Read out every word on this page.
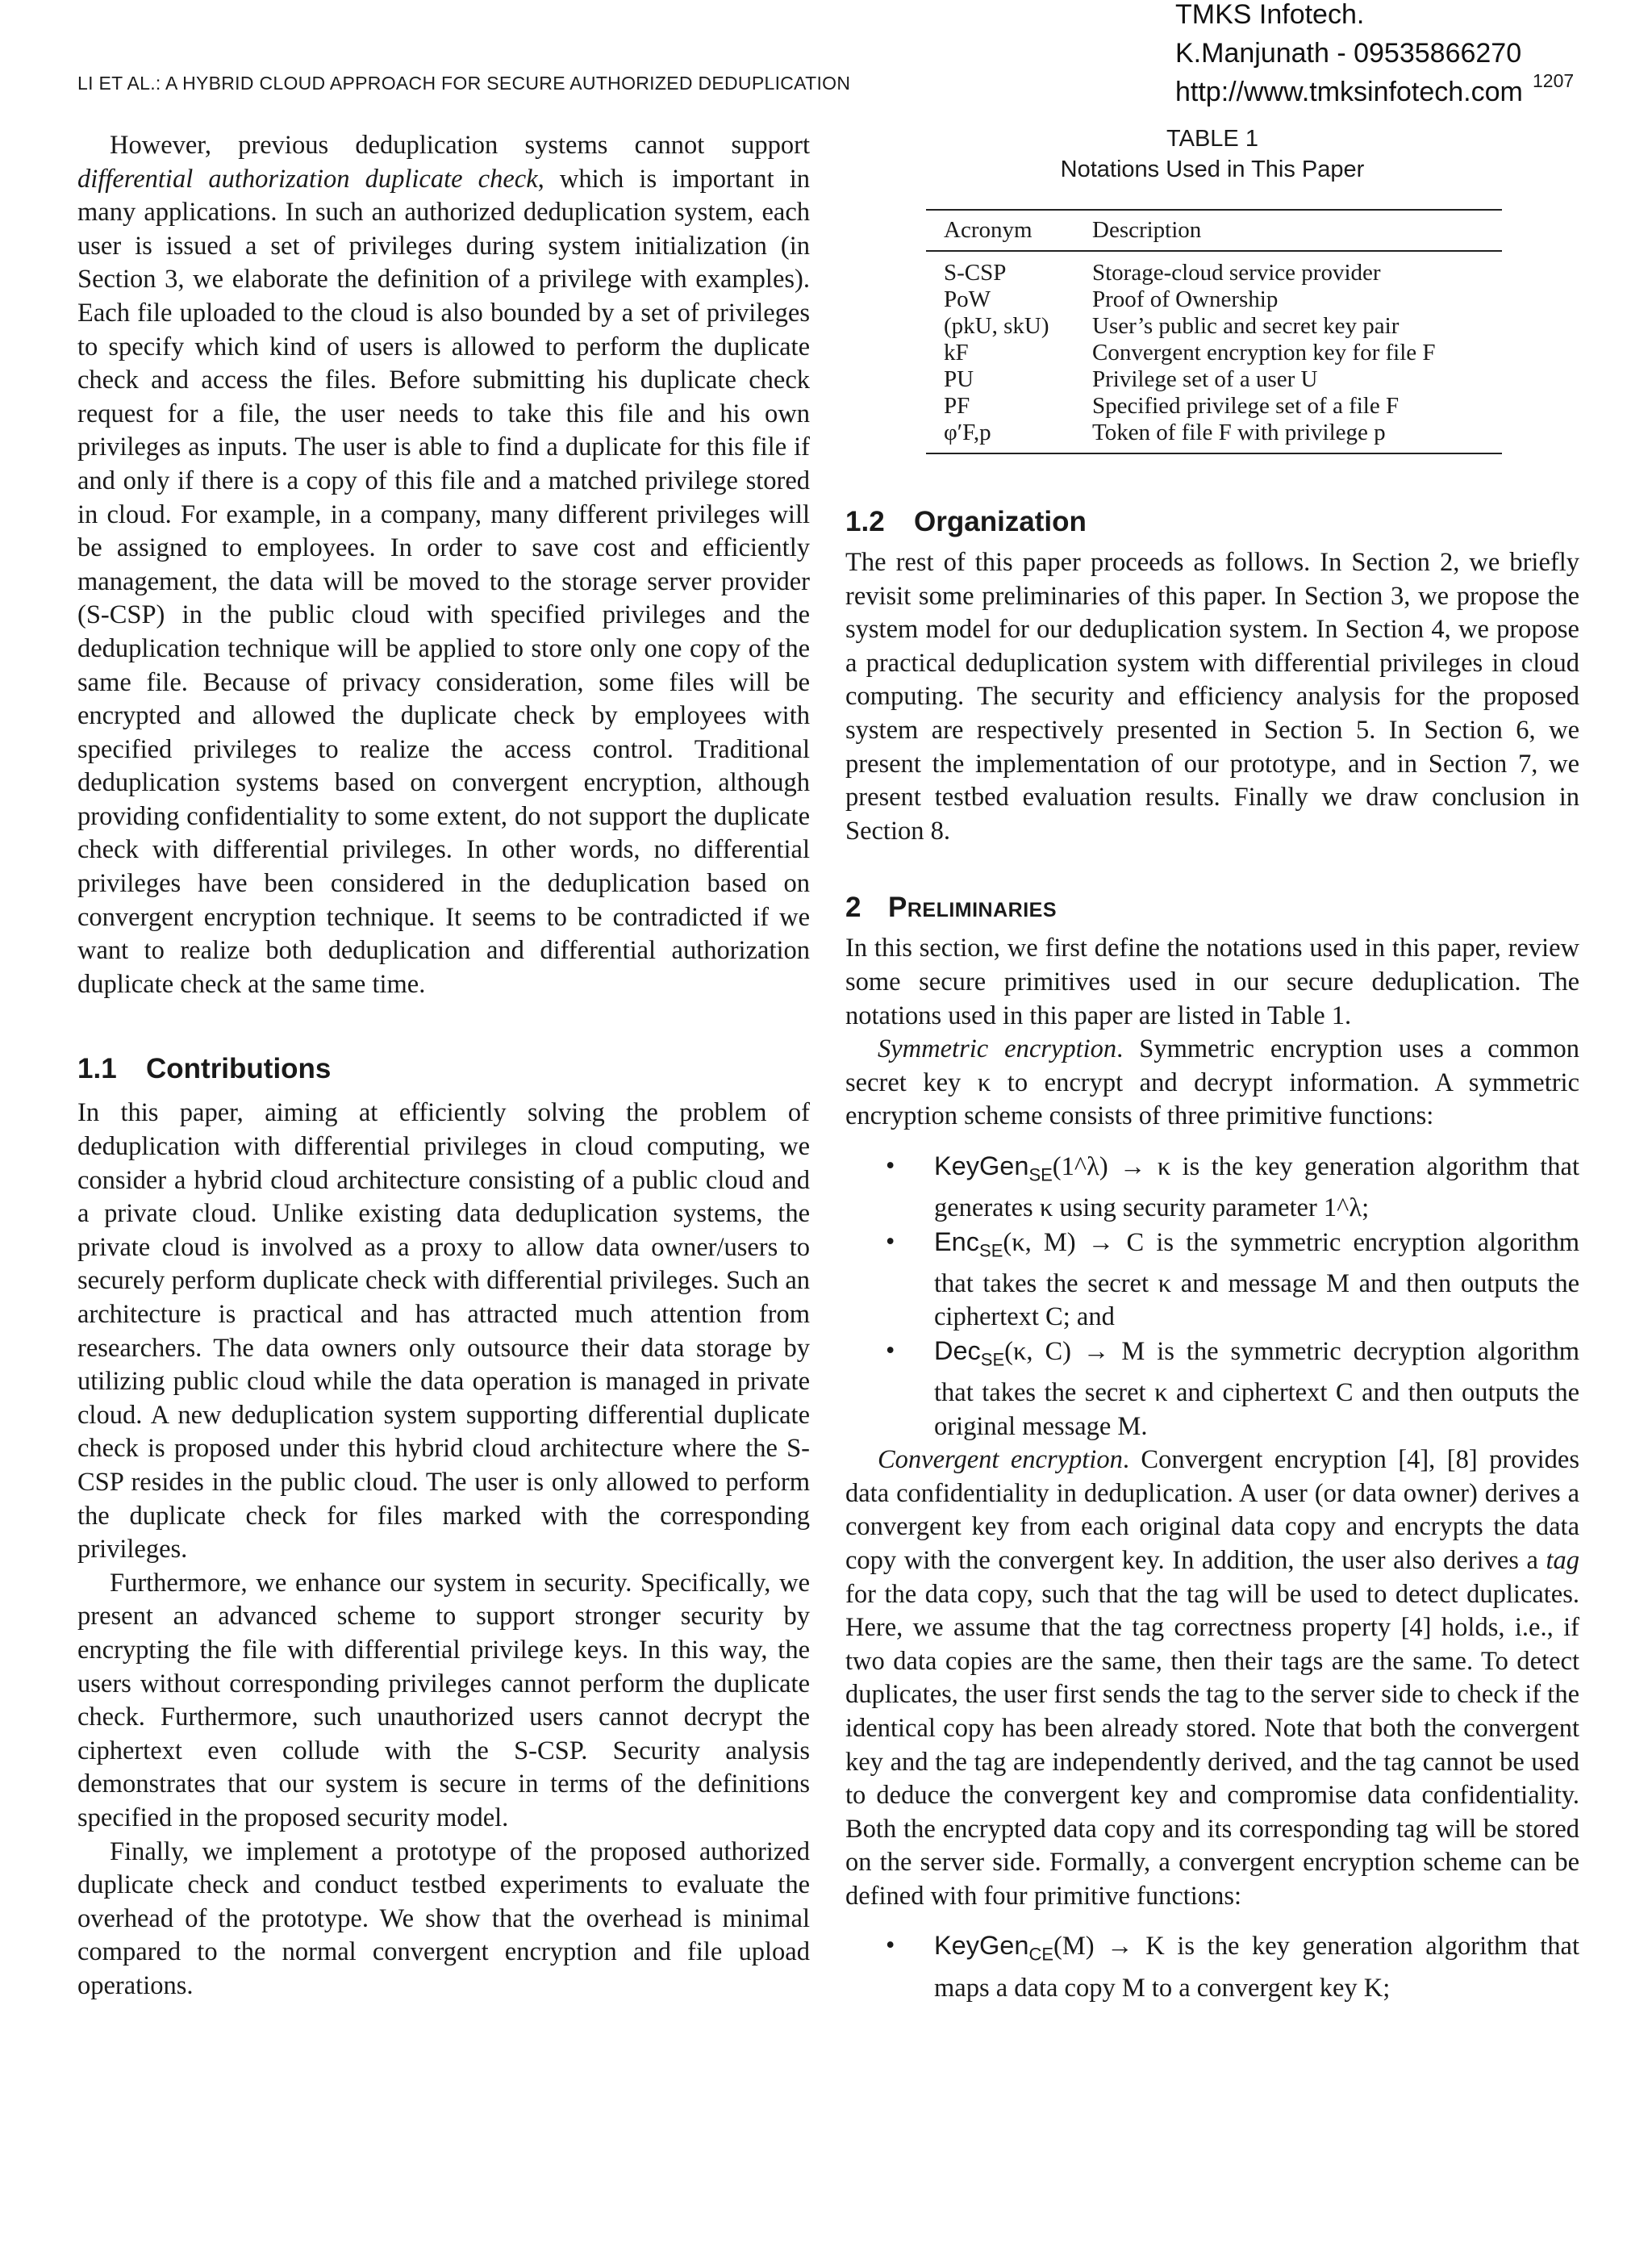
LI ET AL.: A HYBRID CLOUD APPROACH FOR SECURE AUTHORIZED DEDUPLICATION
TMKS Infotech.
K.Manjunath - 09535866270
http://www.tmksinfotech.com 1207

However, previous deduplication systems cannot support differential authorization duplicate check, which is important in many applications. In such an authorized deduplication system, each user is issued a set of privileges during system initialization (in Section 3, we elaborate the definition of a privilege with examples). Each file uploaded to the cloud is also bounded by a set of privileges to specify which kind of users is allowed to perform the duplicate check and access the files. Before submitting his duplicate check request for a file, the user needs to take this file and his own privileges as inputs. The user is able to find a duplicate for this file if and only if there is a copy of this file and a matched privilege stored in cloud. For example, in a company, many different privileges will be assigned to employees. In order to save cost and efficiently management, the data will be moved to the storage server provider (S-CSP) in the public cloud with specified privileges and the deduplication technique will be applied to store only one copy of the same file. Because of privacy consideration, some files will be encrypted and allowed the duplicate check by employees with specified privileges to realize the access control. Traditional deduplication systems based on convergent encryption, although providing confidentiality to some extent, do not support the duplicate check with differential privileges. In other words, no differential privileges have been considered in the deduplication based on convergent encryption technique. It seems to be contradicted if we want to realize both deduplication and differential authorization duplicate check at the same time.

1.1 Contributions

In this paper, aiming at efficiently solving the problem of deduplication with differential privileges in cloud computing, we consider a hybrid cloud architecture consisting of a public cloud and a private cloud. Unlike existing data deduplication systems, the private cloud is involved as a proxy to allow data owner/users to securely perform duplicate check with differential privileges. Such an architecture is practical and has attracted much attention from researchers. The data owners only outsource their data storage by utilizing public cloud while the data operation is managed in private cloud. A new deduplication system supporting differential duplicate check is proposed under this hybrid cloud architecture where the S-CSP resides in the public cloud. The user is only allowed to perform the duplicate check for files marked with the corresponding privileges.

Furthermore, we enhance our system in security. Specifically, we present an advanced scheme to support stronger security by encrypting the file with differential privilege keys. In this way, the users without corresponding privileges cannot perform the duplicate check. Furthermore, such unauthorized users cannot decrypt the ciphertext even collude with the S-CSP. Security analysis demonstrates that our system is secure in terms of the definitions specified in the proposed security model.

Finally, we implement a prototype of the proposed authorized duplicate check and conduct testbed experiments to evaluate the overhead of the prototype. We show that the overhead is minimal compared to the normal convergent encryption and file upload operations.

TABLE 1
Notations Used in This Paper
Acronym	Description
S-CSP	Storage-cloud service provider
PoW	Proof of Ownership
(pkU, skU)	User’s public and secret key pair
kF	Convergent encryption key for file F
PU	Privilege set of a user U
PF	Specified privilege set of a file F
φ′F,p	Token of file F with privilege p
1.2 Organization

The rest of this paper proceeds as follows. In Section 2, we briefly revisit some preliminaries of this paper. In Section 3, we propose the system model for our deduplication system. In Section 4, we propose a practical deduplication system with differential privileges in cloud computing. The security and efficiency analysis for the proposed system are respectively presented in Section 5. In Section 6, we present the implementation of our prototype, and in Section 7, we present testbed evaluation results. Finally we draw conclusion in Section 8.

2 Preliminaries

In this section, we first define the notations used in this paper, review some secure primitives used in our secure deduplication. The notations used in this paper are listed in Table 1.

Symmetric encryption. Symmetric encryption uses a common secret key κ to encrypt and decrypt information. A symmetric encryption scheme consists of three primitive functions:

• KeyGen$_{SE}$(1^λ) → κ is the key generation algorithm that generates κ using security parameter 1^λ;
• Enc$_{SE}$(κ, M) → C is the symmetric encryption algorithm that takes the secret κ and message M and then outputs the ciphertext C; and
• Dec$_{SE}$(κ, C) → M is the symmetric decryption algorithm that takes the secret κ and ciphertext C and then outputs the original message M.

Convergent encryption. Convergent encryption [4], [8] provides data confidentiality in deduplication. A user (or data owner) derives a convergent key from each original data copy and encrypts the data copy with the convergent key. In addition, the user also derives a tag for the data copy, such that the tag will be used to detect duplicates. Here, we assume that the tag correctness property [4] holds, i.e., if two data copies are the same, then their tags are the same. To detect duplicates, the user first sends the tag to the server side to check if the identical copy has been already stored. Note that both the convergent key and the tag are independently derived, and the tag cannot be used to deduce the convergent key and compromise data confidentiality. Both the encrypted data copy and its corresponding tag will be stored on the server side. Formally, a convergent encryption scheme can be defined with four primitive functions:

• KeyGen$_{CE}$(M) → K is the key generation algorithm that maps a data copy M to a convergent key K;
